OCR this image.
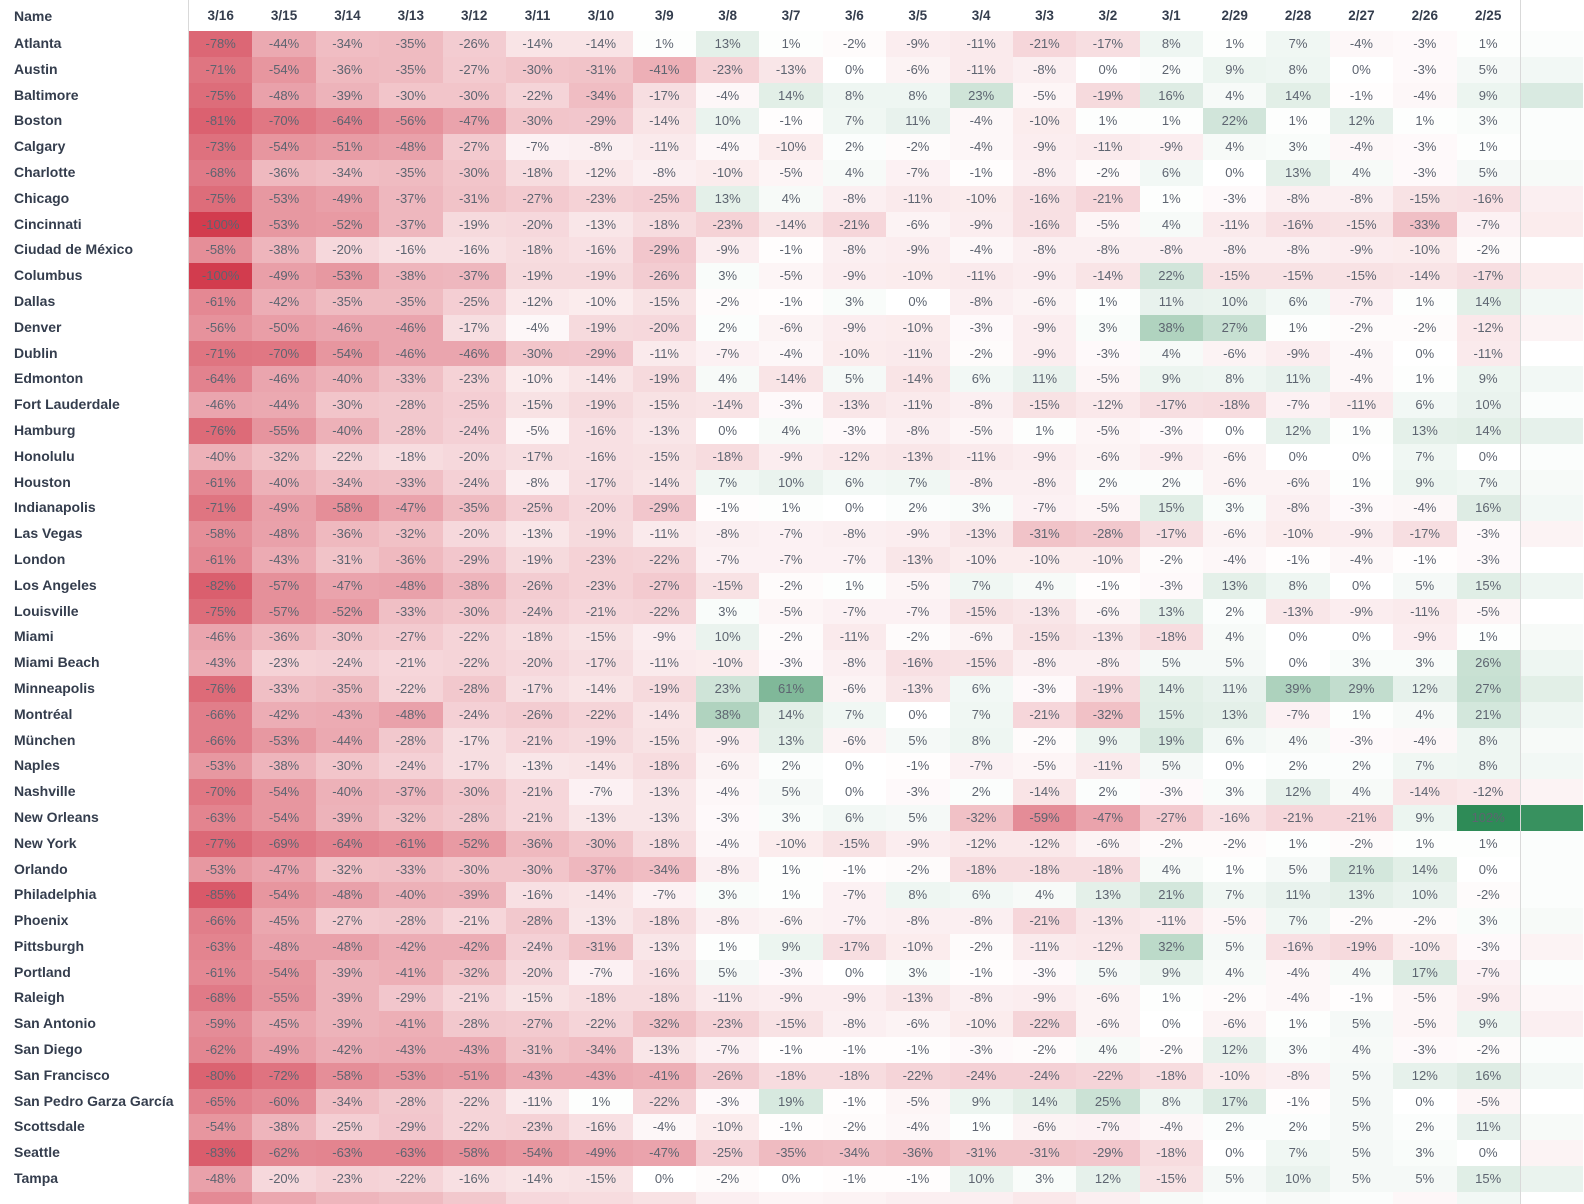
Name	3/16	3/15	3/14	3/13	3/12	3/11	3/10	3/9	3/8	3/7	3/6	3/5	3/4	3/3	3/2	3/1	2/29	2/28	2/27	2/26	2/25
Atlanta	-78%	-44%	-34%	-35%	-26%	-14%	-14%	1%	13%	1%	-2%	-9%	-11%	-21%	-17%	8%	1%	7%	-4%	-3%	1%
Austin	-71%	-54%	-36%	-35%	-27%	-30%	-31%	-41%	-23%	-13%	0%	-6%	-11%	-8%	0%	2%	9%	8%	0%	-3%	5%
Baltimore	-75%	-48%	-39%	-30%	-30%	-22%	-34%	-17%	-4%	14%	8%	8%	23%	-5%	-19%	16%	4%	14%	-1%	-4%	9%
Boston	-81%	-70%	-64%	-56%	-47%	-30%	-29%	-14%	10%	-1%	7%	11%	-4%	-10%	1%	1%	22%	1%	12%	1%	3%
Calgary	-73%	-54%	-51%	-48%	-27%	-7%	-8%	-11%	-4%	-10%	2%	-2%	-4%	-9%	-11%	-9%	4%	3%	-4%	-3%	1%
Charlotte	-68%	-36%	-34%	-35%	-30%	-18%	-12%	-8%	-10%	-5%	4%	-7%	-1%	-8%	-2%	6%	0%	13%	4%	-3%	5%
Chicago	-75%	-53%	-49%	-37%	-31%	-27%	-23%	-25%	13%	4%	-8%	-11%	-10%	-16%	-21%	1%	-3%	-8%	-8%	-15%	-16%
Cincinnati	-100%	-53%	-52%	-37%	-19%	-20%	-13%	-18%	-23%	-14%	-21%	-6%	-9%	-16%	-5%	4%	-11%	-16%	-15%	-33%	-7%
Ciudad de México	-58%	-38%	-20%	-16%	-16%	-18%	-16%	-29%	-9%	-1%	-8%	-9%	-4%	-8%	-8%	-8%	-8%	-8%	-9%	-10%	-2%
Columbus	-100%	-49%	-53%	-38%	-37%	-19%	-19%	-26%	3%	-5%	-9%	-10%	-11%	-9%	-14%	22%	-15%	-15%	-15%	-14%	-17%
Dallas	-61%	-42%	-35%	-35%	-25%	-12%	-10%	-15%	-2%	-1%	3%	0%	-8%	-6%	1%	11%	10%	6%	-7%	1%	14%
Denver	-56%	-50%	-46%	-46%	-17%	-4%	-19%	-20%	2%	-6%	-9%	-10%	-3%	-9%	3%	38%	27%	1%	-2%	-2%	-12%
Dublin	-71%	-70%	-54%	-46%	-46%	-30%	-29%	-11%	-7%	-4%	-10%	-11%	-2%	-9%	-3%	4%	-6%	-9%	-4%	0%	-11%
Edmonton	-64%	-46%	-40%	-33%	-23%	-10%	-14%	-19%	4%	-14%	5%	-14%	6%	11%	-5%	9%	8%	11%	-4%	1%	9%
Fort Lauderdale	-46%	-44%	-30%	-28%	-25%	-15%	-19%	-15%	-14%	-3%	-13%	-11%	-8%	-15%	-12%	-17%	-18%	-7%	-11%	6%	10%
Hamburg	-76%	-55%	-40%	-28%	-24%	-5%	-16%	-13%	0%	4%	-3%	-8%	-5%	1%	-5%	-3%	0%	12%	1%	13%	14%
Honolulu	-40%	-32%	-22%	-18%	-20%	-17%	-16%	-15%	-18%	-9%	-12%	-13%	-11%	-9%	-6%	-9%	-6%	0%	0%	7%	0%
Houston	-61%	-40%	-34%	-33%	-24%	-8%	-17%	-14%	7%	10%	6%	7%	-8%	-8%	2%	2%	-6%	-6%	1%	9%	7%
Indianapolis	-71%	-49%	-58%	-47%	-35%	-25%	-20%	-29%	-1%	1%	0%	2%	3%	-7%	-5%	15%	3%	-8%	-3%	-4%	16%
Las Vegas	-58%	-48%	-36%	-32%	-20%	-13%	-19%	-11%	-8%	-7%	-8%	-9%	-13%	-31%	-28%	-17%	-6%	-10%	-9%	-17%	-3%
London	-61%	-43%	-31%	-36%	-29%	-19%	-23%	-22%	-7%	-7%	-7%	-13%	-10%	-10%	-10%	-2%	-4%	-1%	-4%	-1%	-3%
Los Angeles	-82%	-57%	-47%	-48%	-38%	-26%	-23%	-27%	-15%	-2%	1%	-5%	7%	4%	-1%	-3%	13%	8%	0%	5%	15%
Louisville	-75%	-57%	-52%	-33%	-30%	-24%	-21%	-22%	3%	-5%	-7%	-7%	-15%	-13%	-6%	13%	2%	-13%	-9%	-11%	-5%
Miami	-46%	-36%	-30%	-27%	-22%	-18%	-15%	-9%	10%	-2%	-11%	-2%	-6%	-15%	-13%	-18%	4%	0%	0%	-9%	1%
Miami Beach	-43%	-23%	-24%	-21%	-22%	-20%	-17%	-11%	-10%	-3%	-8%	-16%	-15%	-8%	-8%	5%	5%	0%	3%	3%	26%
Minneapolis	-76%	-33%	-35%	-22%	-28%	-17%	-14%	-19%	23%	61%	-6%	-13%	6%	-3%	-19%	14%	11%	39%	29%	12%	27%
Montréal	-66%	-42%	-43%	-48%	-24%	-26%	-22%	-14%	38%	14%	7%	0%	7%	-21%	-32%	15%	13%	-7%	1%	4%	21%
München	-66%	-53%	-44%	-28%	-17%	-21%	-19%	-15%	-9%	13%	-6%	5%	8%	-2%	9%	19%	6%	4%	-3%	-4%	8%
Naples	-53%	-38%	-30%	-24%	-17%	-13%	-14%	-18%	-6%	2%	0%	-1%	-7%	-5%	-11%	5%	0%	2%	2%	7%	8%
Nashville	-70%	-54%	-40%	-37%	-30%	-21%	-7%	-13%	-4%	5%	0%	-3%	2%	-14%	2%	-3%	3%	12%	4%	-14%	-12%
New Orleans	-63%	-54%	-39%	-32%	-28%	-21%	-13%	-13%	-3%	3%	6%	5%	-32%	-59%	-47%	-27%	-16%	-21%	-21%	9%	102%
New York	-77%	-69%	-64%	-61%	-52%	-36%	-30%	-18%	-4%	-10%	-15%	-9%	-12%	-12%	-6%	-2%	-2%	1%	-2%	1%	1%
Orlando	-53%	-47%	-32%	-33%	-30%	-30%	-37%	-34%	-8%	1%	-1%	-2%	-18%	-18%	-18%	4%	1%	5%	21%	14%	0%
Philadelphia	-85%	-54%	-48%	-40%	-39%	-16%	-14%	-7%	3%	1%	-7%	8%	6%	4%	13%	21%	7%	11%	13%	10%	-2%
Phoenix	-66%	-45%	-27%	-28%	-21%	-28%	-13%	-18%	-8%	-6%	-7%	-8%	-8%	-21%	-13%	-11%	-5%	7%	-2%	-2%	3%
Pittsburgh	-63%	-48%	-48%	-42%	-42%	-24%	-31%	-13%	1%	9%	-17%	-10%	-2%	-11%	-12%	32%	5%	-16%	-19%	-10%	-3%
Portland	-61%	-54%	-39%	-41%	-32%	-20%	-7%	-16%	5%	-3%	0%	3%	-1%	-3%	5%	9%	4%	-4%	4%	17%	-7%
Raleigh	-68%	-55%	-39%	-29%	-21%	-15%	-18%	-18%	-11%	-9%	-9%	-13%	-8%	-9%	-6%	1%	-2%	-4%	-1%	-5%	-9%
San Antonio	-59%	-45%	-39%	-41%	-28%	-27%	-22%	-32%	-23%	-15%	-8%	-6%	-10%	-22%	-6%	0%	-6%	1%	5%	-5%	9%
San Diego	-62%	-49%	-42%	-43%	-43%	-31%	-34%	-13%	-7%	-1%	-1%	-1%	-3%	-2%	4%	-2%	12%	3%	4%	-3%	-2%
San Francisco	-80%	-72%	-58%	-53%	-51%	-43%	-43%	-41%	-26%	-18%	-18%	-22%	-24%	-24%	-22%	-18%	-10%	-8%	5%	12%	16%
San Pedro Garza García	-65%	-60%	-34%	-28%	-22%	-11%	1%	-22%	-3%	19%	-1%	-5%	9%	14%	25%	8%	17%	-1%	5%	0%	-5%
Scottsdale	-54%	-38%	-25%	-29%	-22%	-23%	-16%	-4%	-10%	-1%	-2%	-4%	1%	-6%	-7%	-4%	2%	2%	5%	2%	11%
Seattle	-83%	-62%	-63%	-63%	-58%	-54%	-49%	-47%	-25%	-35%	-34%	-36%	-31%	-31%	-29%	-18%	0%	7%	5%	3%	0%
Tampa	-48%	-20%	-23%	-22%	-16%	-14%	-15%	0%	-2%	0%	-1%	-1%	10%	3%	12%	-15%	5%	10%	5%	5%	15%
